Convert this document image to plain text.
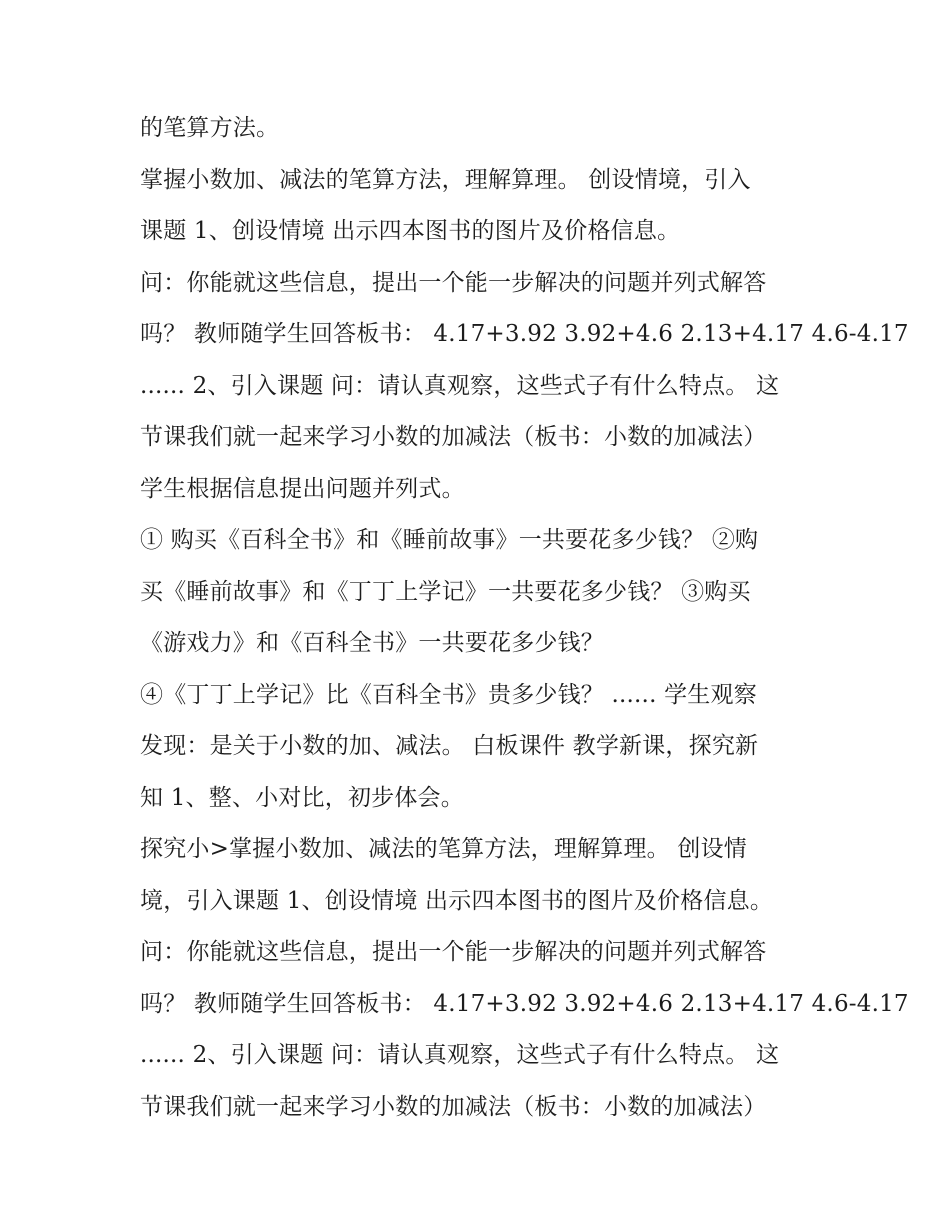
的笔算方法。
掌握小数加、减法的笔算方法，理解算理。 创设情境，引入
课题 1、创设情境 出示四本图书的图片及价格信息。
问：你能就这些信息，提出一个能一步解决的问题并列式解答
吗？ 教师随学生回答板书： 4.17+3.92 3.92+4.6 2.13+4.17 4.6-4.17
...... 2、引入课题 问：请认真观察，这些式子有什么特点。 这
节课我们就一起来学习小数的加减法（板书：小数的加减法）
学生根据信息提出问题并列式。
① 购买《百科全书》和《睡前故事》一共要花多少钱？ ②购
买《睡前故事》和《丁丁上学记》一共要花多少钱？ ③购买
《游戏力》和《百科全书》一共要花多少钱？
④《丁丁上学记》比《百科全书》贵多少钱？ ...... 学生观察
发现：是关于小数的加、减法。 白板课件 教学新课，探究新
知 1、整、小对比，初步体会。
探究小>掌握小数加、减法的笔算方法，理解算理。 创设情
境，引入课题 1、创设情境 出示四本图书的图片及价格信息。
问：你能就这些信息，提出一个能一步解决的问题并列式解答
吗？ 教师随学生回答板书： 4.17+3.92 3.92+4.6 2.13+4.17 4.6-4.17
...... 2、引入课题 问：请认真观察，这些式子有什么特点。 这
节课我们就一起来学习小数的加减法（板书：小数的加减法）
